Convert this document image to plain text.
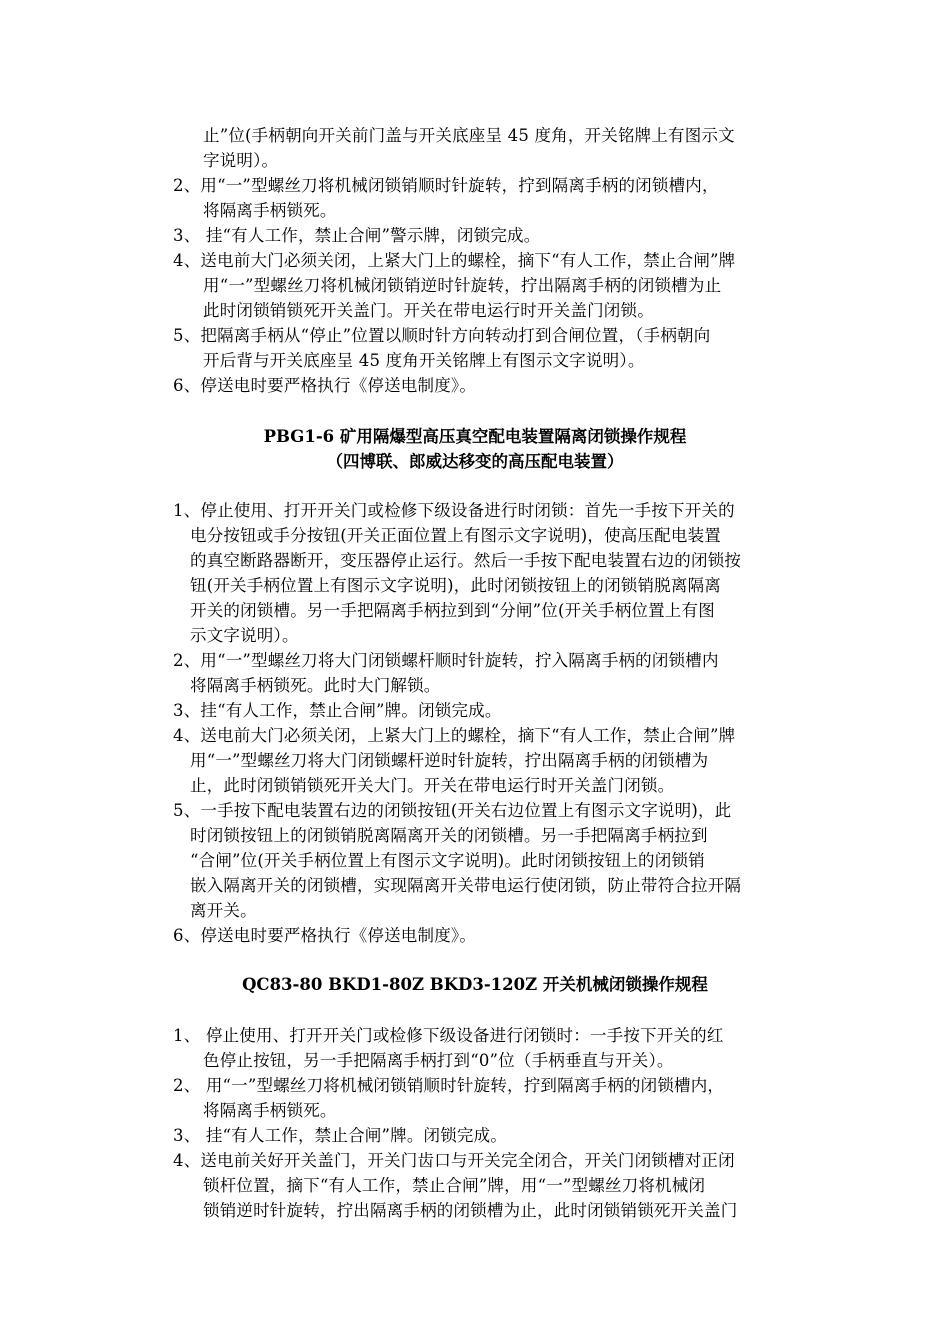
止”位(手柄朝向开关前门盖与开关底座呈 45 度角，开关铭牌上有图示文
字说明）。
2、用“一”型螺丝刀将机械闭锁销顺时针旋转，拧到隔离手柄的闭锁槽内，
将隔离手柄锁死。
3、 挂“有人工作，禁止合闸”警示牌，闭锁完成。
4、送电前大门必须关闭，上紧大门上的螺栓，摘下“有人工作，禁止合闸”牌
用“一”型螺丝刀将机械闭锁销逆时针旋转，拧出隔离手柄的闭锁槽为止
此时闭锁销锁死开关盖门。开关在带电运行时开关盖门闭锁。
5、把隔离手柄从“停止”位置以顺时针方向转动打到合闸位置，（手柄朝向
开后背与开关底座呈 45 度角开关铭牌上有图示文字说明）。
6、停送电时要严格执行《停送电制度》。
PBG1-6 矿用隔爆型高压真空配电装置隔离闭锁操作规程
（四博联、郎威达移变的高压配电装置）
1、停止使用、打开开关门或检修下级设备进行时闭锁：首先一手按下开关的
电分按钮或手分按钮(开关正面位置上有图示文字说明)，使高压配电装置
的真空断路器断开，变压器停止运行。然后一手按下配电装置右边的闭锁按
钮(开关手柄位置上有图示文字说明)，此时闭锁按钮上的闭锁销脱离隔离
开关的闭锁槽。另一手把隔离手柄拉到到“分闸”位(开关手柄位置上有图
示文字说明）。
2、用“一”型螺丝刀将大门闭锁螺杆顺时针旋转，拧入隔离手柄的闭锁槽内
将隔离手柄锁死。此时大门解锁。
3、挂“有人工作，禁止合闸”牌。闭锁完成。
4、送电前大门必须关闭，上紧大门上的螺栓，摘下“有人工作，禁止合闸”牌
用“一”型螺丝刀将大门闭锁螺杆逆时针旋转，拧出隔离手柄的闭锁槽为
止，此时闭锁销锁死开关大门。开关在带电运行时开关盖门闭锁。
5、一手按下配电装置右边的闭锁按钮(开关右边位置上有图示文字说明)，此
时闭锁按钮上的闭锁销脱离隔离开关的闭锁槽。另一手把隔离手柄拉到
“合闸”位(开关手柄位置上有图示文字说明)。此时闭锁按钮上的闭锁销
嵌入隔离开关的闭锁槽，实现隔离开关带电运行使闭锁，防止带符合拉开隔
离开关。
6、停送电时要严格执行《停送电制度》。
QC83-80 BKD1-80Z BKD3-120Z 开关机械闭锁操作规程
1、 停止使用、打开开关门或检修下级设备进行闭锁时：一手按下开关的红
色停止按钮，另一手把隔离手柄打到“0”位（手柄垂直与开关）。
2、 用“一”型螺丝刀将机械闭锁销顺时针旋转，拧到隔离手柄的闭锁槽内，
将隔离手柄锁死。
3、 挂“有人工作，禁止合闸”牌。闭锁完成。
4、送电前关好开关盖门，开关门齿口与开关完全闭合，开关门闭锁槽对正闭
锁杆位置，摘下“有人工作，禁止合闸”牌，用“一”型螺丝刀将机械闭
锁销逆时针旋转，拧出隔离手柄的闭锁槽为止，此时闭锁销锁死开关盖门
